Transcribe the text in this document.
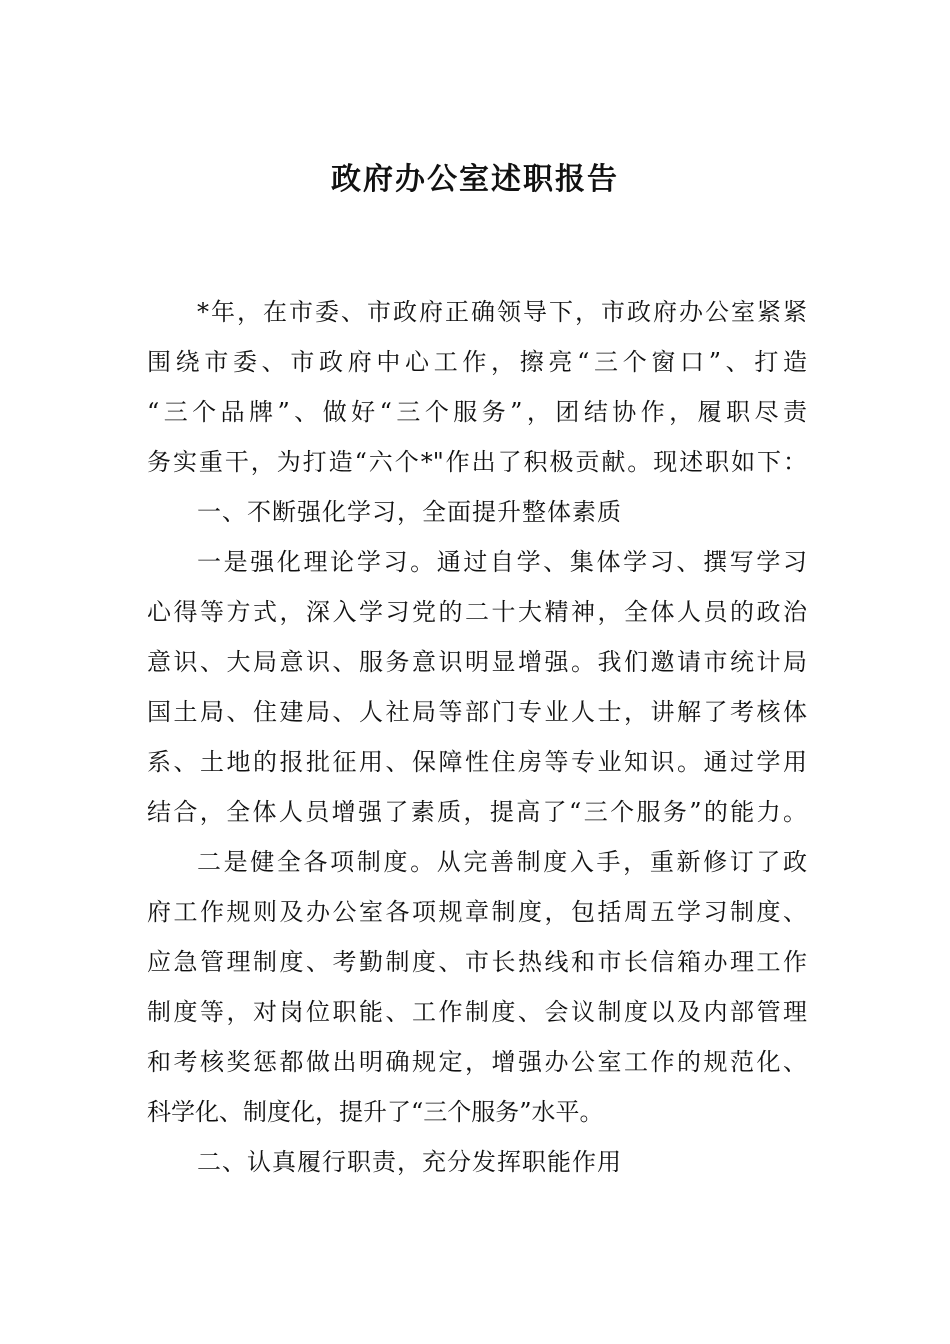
政府办公室述职报告
*年，在市委、市政府正确领导下，市政府办公室紧紧
围绕市委、市政府中心工作，擦亮“三个窗口”、打造
“三个品牌”、做好“三个服务”，团结协作，履职尽责
务实重干，为打造“六个*"作出了积极贡献。现述职如下：
一、不断强化学习，全面提升整体素质
一是强化理论学习。通过自学、集体学习、撰写学习
心得等方式，深入学习党的二十大精神，全体人员的政治
意识、大局意识、服务意识明显增强。我们邀请市统计局
国土局、住建局、人社局等部门专业人士，讲解了考核体
系、土地的报批征用、保障性住房等专业知识。通过学用
结合，全体人员增强了素质，提高了“三个服务”的能力。
二是健全各项制度。从完善制度入手，重新修订了政
府工作规则及办公室各项规章制度，包括周五学习制度、
应急管理制度、考勤制度、市长热线和市长信箱办理工作
制度等，对岗位职能、工作制度、会议制度以及内部管理
和考核奖惩都做出明确规定，增强办公室工作的规范化、
科学化、制度化，提升了“三个服务”水平。
二、认真履行职责，充分发挥职能作用
